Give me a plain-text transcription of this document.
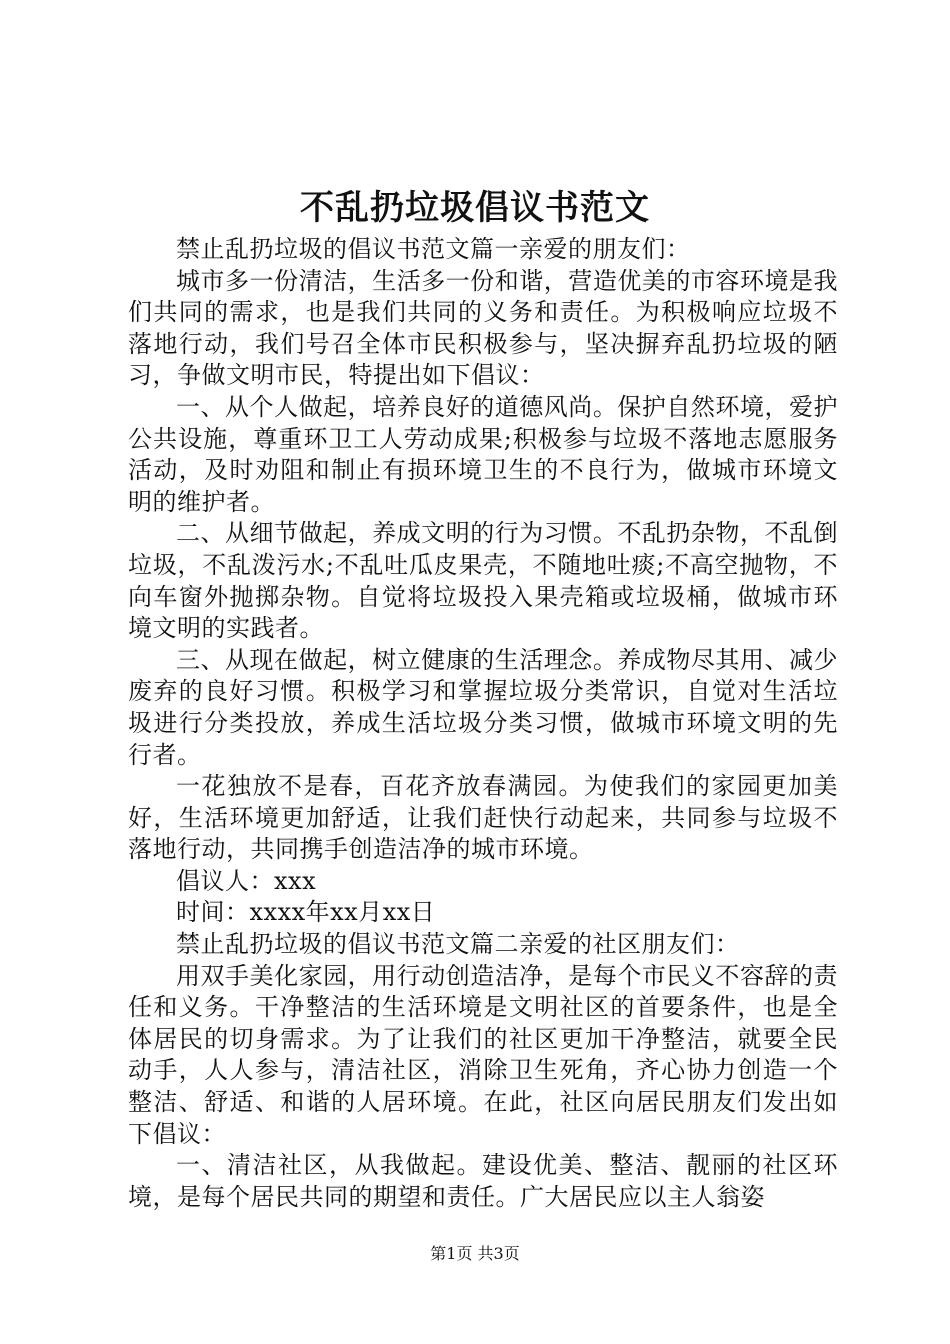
不乱扔垃圾倡议书范文

禁止乱扔垃圾的倡议书范文篇一亲爱的朋友们：

城市多一份清洁，生活多一份和谐，营造优美的市容环境是我们共同的需求，也是我们共同的义务和责任。为积极响应垃圾不落地行动，我们号召全体市民积极参与，坚决摒弃乱扔垃圾的陋习，争做文明市民，特提出如下倡议：

一、从个人做起，培养良好的道德风尚。保护自然环境，爱护公共设施，尊重环卫工人劳动成果;积极参与垃圾不落地志愿服务活动，及时劝阻和制止有损环境卫生的不良行为，做城市环境文明的维护者。

二、从细节做起，养成文明的行为习惯。不乱扔杂物，不乱倒垃圾，不乱泼污水;不乱吐瓜皮果壳，不随地吐痰;不高空抛物，不向车窗外抛掷杂物。自觉将垃圾投入果壳箱或垃圾桶，做城市环境文明的实践者。

三、从现在做起，树立健康的生活理念。养成物尽其用、减少废弃的良好习惯。积极学习和掌握垃圾分类常识，自觉对生活垃圾进行分类投放，养成生活垃圾分类习惯，做城市环境文明的先行者。

一花独放不是春，百花齐放春满园。为使我们的家园更加美好，生活环境更加舒适，让我们赶快行动起来，共同参与垃圾不落地行动，共同携手创造洁净的城市环境。

倡议人：xxx

时间：xxxx年xx月xx日

禁止乱扔垃圾的倡议书范文篇二亲爱的社区朋友们：

用双手美化家园，用行动创造洁净，是每个市民义不容辞的责任和义务。干净整洁的生活环境是文明社区的首要条件，也是全体居民的切身需求。为了让我们的社区更加干净整洁，就要全民动手，人人参与，清洁社区，消除卫生死角，齐心协力创造一个整洁、舒适、和谐的人居环境。在此，社区向居民朋友们发出如下倡议：

一、清洁社区，从我做起。建设优美、整洁、靓丽的社区环境，是每个居民共同的期望和责任。广大居民应以主人翁姿

第1页 共3页
